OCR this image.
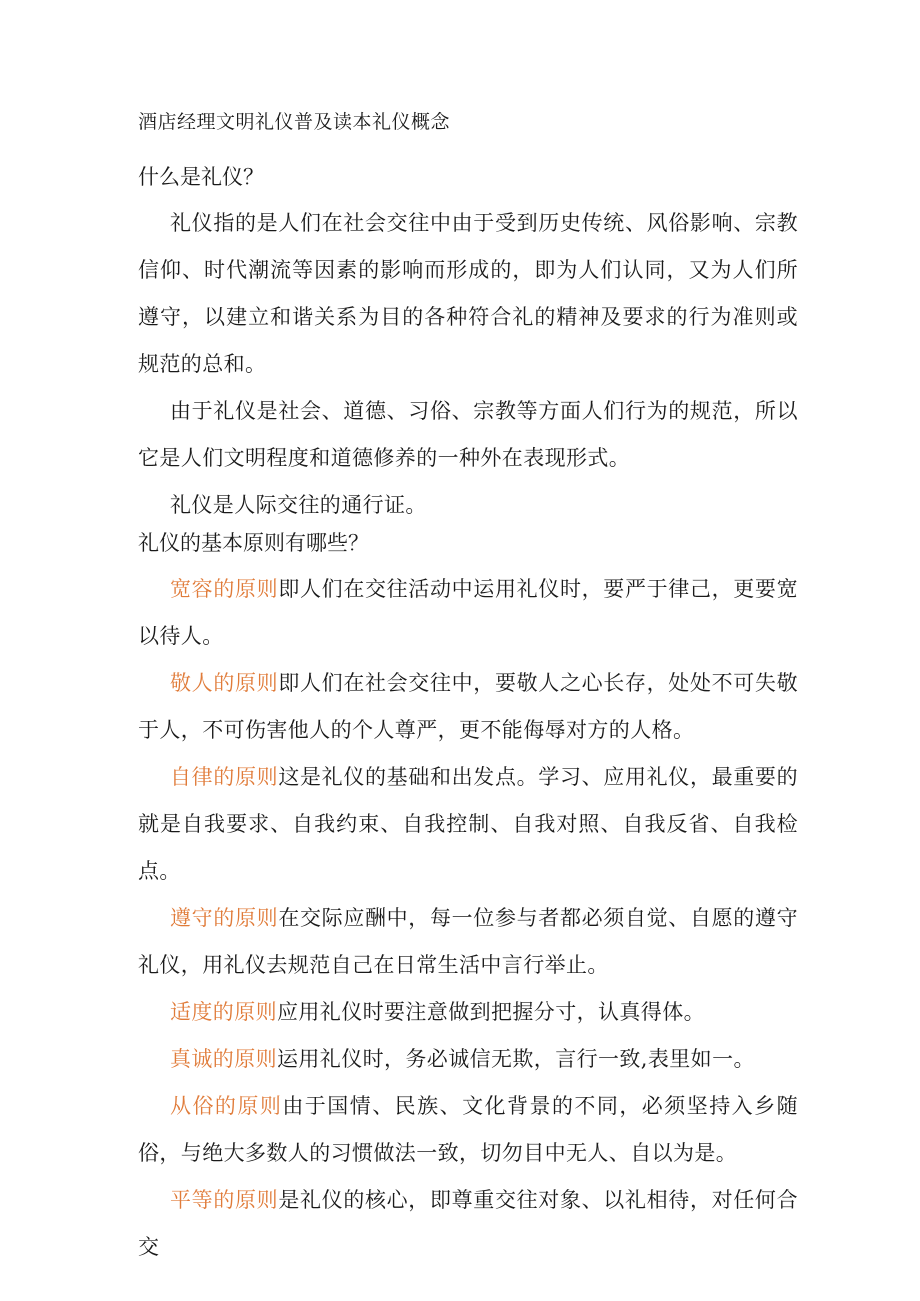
酒店经理文明礼仪普及读本礼仪概念
什么是礼仪？

礼仪指的是人们在社会交往中由于受到历史传统、风俗影响、宗教信仰、时代潮流等因素的影响而形成的，即为人们认同，又为人们所遵守，以建立和谐关系为目的各种符合礼的精神及要求的行为准则或规范的总和。

由于礼仪是社会、道德、习俗、宗教等方面人们行为的规范，所以它是人们文明程度和道德修养的一种外在表现形式。

礼仪是人际交往的通行证。

礼仪的基本原则有哪些？

宽容的原则即人们在交往活动中运用礼仪时，要严于律己，更要宽以待人。

敬人的原则即人们在社会交往中，要敬人之心长存，处处不可失敬于人，不可伤害他人的个人尊严，更不能侮辱对方的人格。

自律的原则这是礼仪的基础和出发点。学习、应用礼仪，最重要的就是自我要求、自我约束、自我控制、自我对照、自我反省、自我检点。

遵守的原则在交际应酬中，每一位参与者都必须自觉、自愿的遵守礼仪，用礼仪去规范自己在日常生活中言行举止。

适度的原则应用礼仪时要注意做到把握分寸，认真得体。

真诚的原则运用礼仪时，务必诚信无欺，言行一致,表里如一。

从俗的原则由于国情、民族、文化背景的不同，必须坚持入乡随俗，与绝大多数人的习惯做法一致，切勿目中无人、自以为是。

平等的原则是礼仪的核心，即尊重交往对象、以礼相待，对任何合交
